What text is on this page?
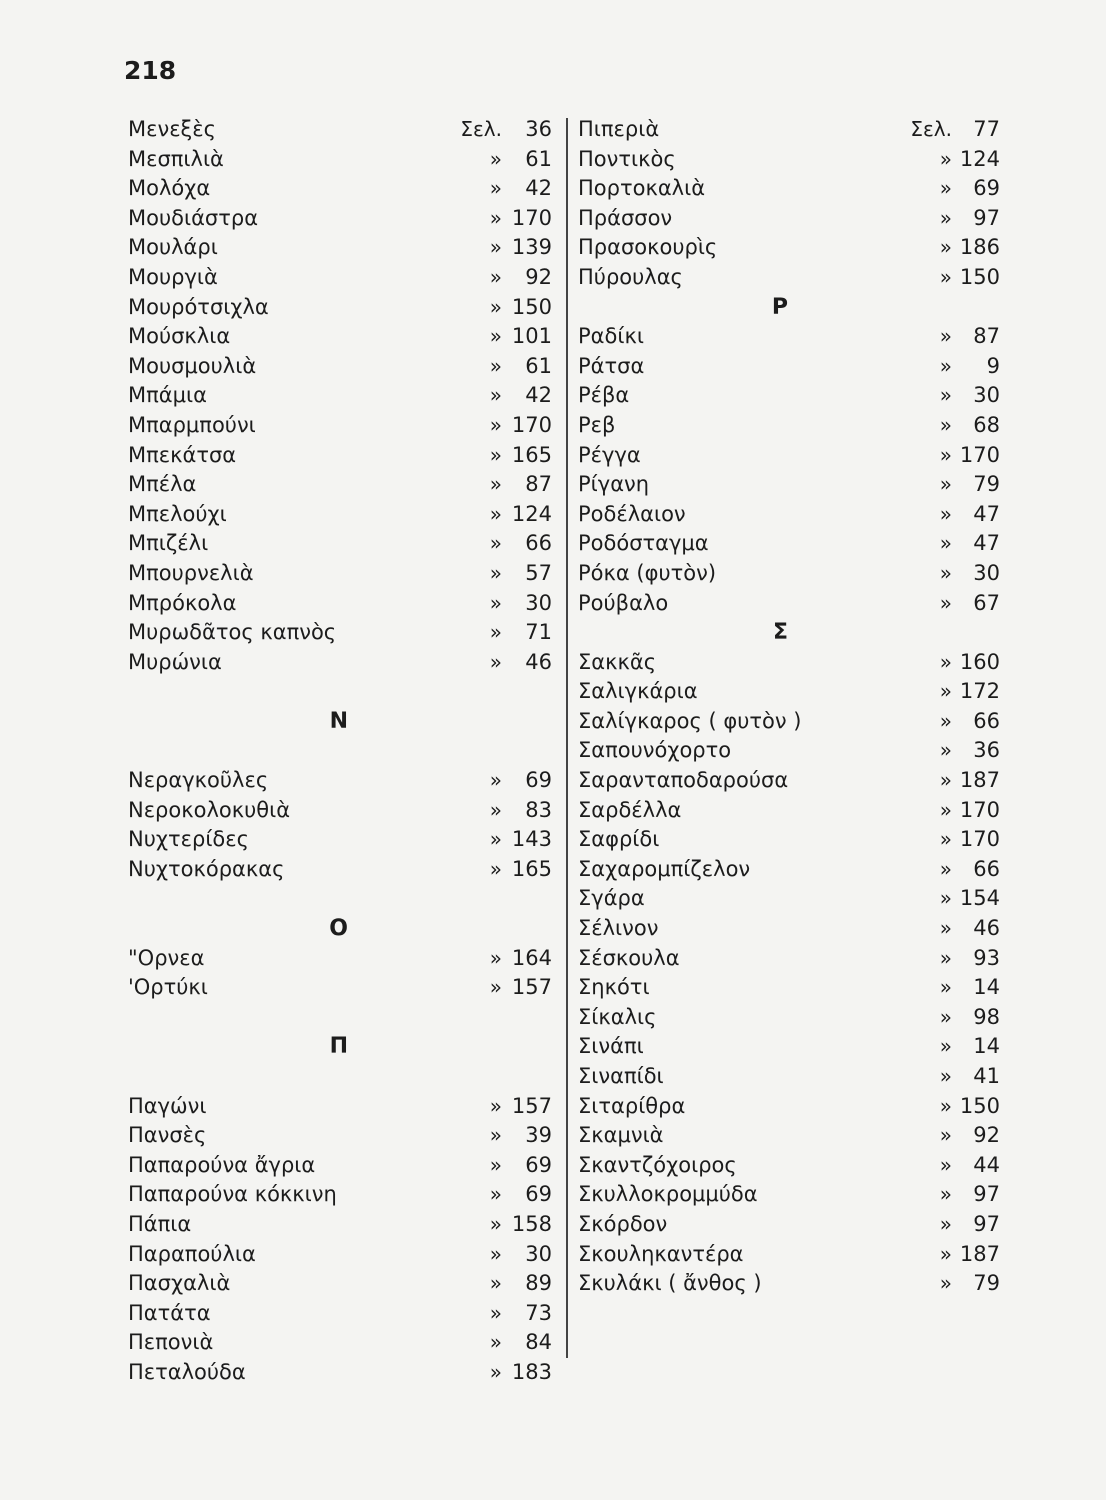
218
Μενεξὲς	Σελ.	36
Μεσπιλιὰ	»	61
Μολόχα	»	42
Μουδιάστρα	» 170
Μουλάρι	» 139
Μουργιὰ	»	92
Μουρότσιχλα	» 150
Μούσκλια	» 101
Μουσμουλιὰ	»	61
Μπάμια	»	42
Μπαρμπούνι	» 170
Μπεκάτσα	» 165
Μπέλα	»	87
Μπελούχι	» 124
Μπιζέλι	»	66
Μπουρνελιὰ	»	57
Μπρόκολα	»	30
Μυρωδᾶτος καπνὸς	»	71
Μυρώνια	»	46
Ν
Νεραγκοῦλες	»	69
Νεροκολοκυθιὰ	»	83
Νυχτερίδες	» 143
Νυχτοκόρακας	» 165
Ο
"Ορνεα	» 164
'Ορτύκι	» 157
Π
Παγώνι	» 157
Πανσὲς	»	39
Παπαρούνα ἄγρια	»	69
Παπαρούνα κόκκινη	»	69
Πάπια	» 158
Παραπούλια	»	30
Πασχαλιὰ	»	89
Πατάτα	»	73
Πεπονιὰ	»	84
Πεταλούδα	» 183
Πιπεριὰ	Σελ.	77
Ποντικὸς	» 124
Πορτοκαλιὰ	»	69
Πράσσον	»	97
Πρασοκουρὶς	» 186
Πύρουλας	» 150
Ρ
Ραδίκι	»	87
Ράτσα	»	9
Ρέβα	»	30
Ρεβ	»	68
Ρέγγα	» 170
Ρίγανη	»	79
Ροδέλαιον	»	47
Ροδόσταγμα	»	47
Ρόκα (φυτὸν)	»	30
Ρούβαλο	»	67
Σ
Σακκᾶς	» 160
Σαλιγκάρια	» 172
Σαλίγκαρος ( φυτὸν )	»	66
Σαπουνόχορτο	»	36
Σαρανταποδαρούσα	» 187
Σαρδέλλα	» 170
Σαφρίδι	» 170
Σαχαρομπίζελον	»	66
Σγάρα	» 154
Σέλινον	»	46
Σέσκουλα	»	93
Σηκότι	»	14
Σίκαλις	»	98
Σινάπι	»	14
Σιναπίδι	»	41
Σιταρίθρα	» 150
Σκαμνιὰ	»	92
Σκαντζόχοιρος	»	44
Σκυλλοκρομμύδα	»	97
Σκόρδον	»	97
Σκουληκαντέρα	» 187
Σκυλάκι ( ἄνθος )	»	79
